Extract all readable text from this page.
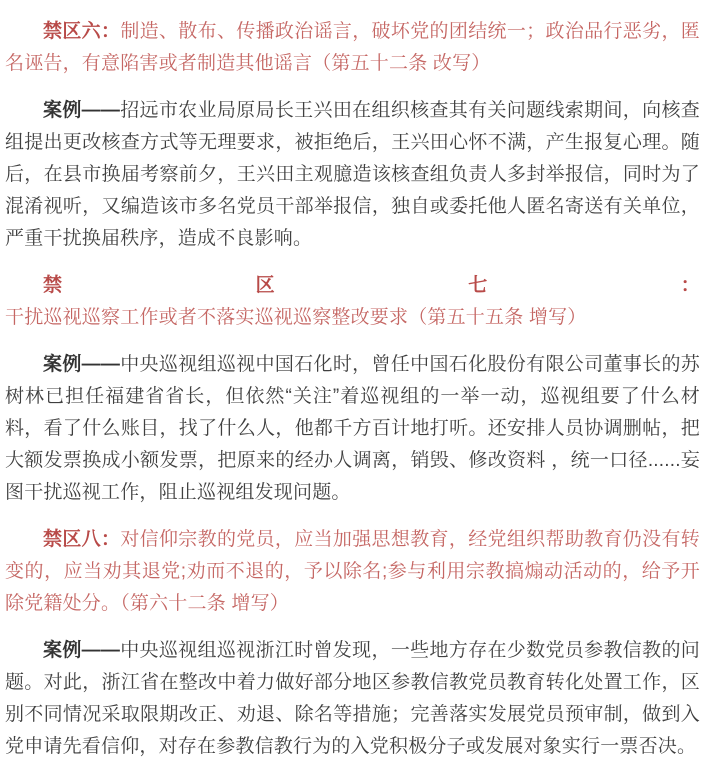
禁区六：制造、散布、传播政治谣言，破坏党的团结统一；政治品行恶劣，匿名诬告，有意陷害或者制造其他谣言（第五十二条 改写）

案例——招远市农业局原局长王兴田在组织核查其有关问题线索期间，向核查组提出更改核查方式等无理要求，被拒绝后，王兴田心怀不满，产生报复心理。随后，在县市换届考察前夕，王兴田主观臆造该核查组负责人多封举报信，同时为了混淆视听，又编造该市多名党员干部举报信，独自或委托他人匿名寄送有关单位，严重干扰换届秩序，造成不良影响。

禁区七：干扰巡视巡察工作或者不落实巡视巡察整改要求（第五十五条 增写）

案例——中央巡视组巡视中国石化时，曾任中国石化股份有限公司董事长的苏树林已担任福建省省长，但依然“关注”着巡视组的一举一动，巡视组要了什么材料，看了什么账目，找了什么人，他都千方百计地打听。还安排人员协调删帖，把大额发票换成小额发票，把原来的经办人调离，销毁、修改资料 ，统一口径......妄图干扰巡视工作，阻止巡视组发现问题。

禁区八：对信仰宗教的党员，应当加强思想教育，经党组织帮助教育仍没有转变的，应当劝其退党;劝而不退的，予以除名;参与利用宗教搞煽动活动的，给予开除党籍处分。（第六十二条 增写）

案例——中央巡视组巡视浙江时曾发现，一些地方存在少数党员参教信教的问题。对此，浙江省在整改中着力做好部分地区参教信教党员教育转化处置工作，区别不同情况采取限期改正、劝退、除名等措施；完善落实发展党员预审制，做到入党申请先看信仰，对存在参教信教行为的入党积极分子或发展对象实行一票否决。
